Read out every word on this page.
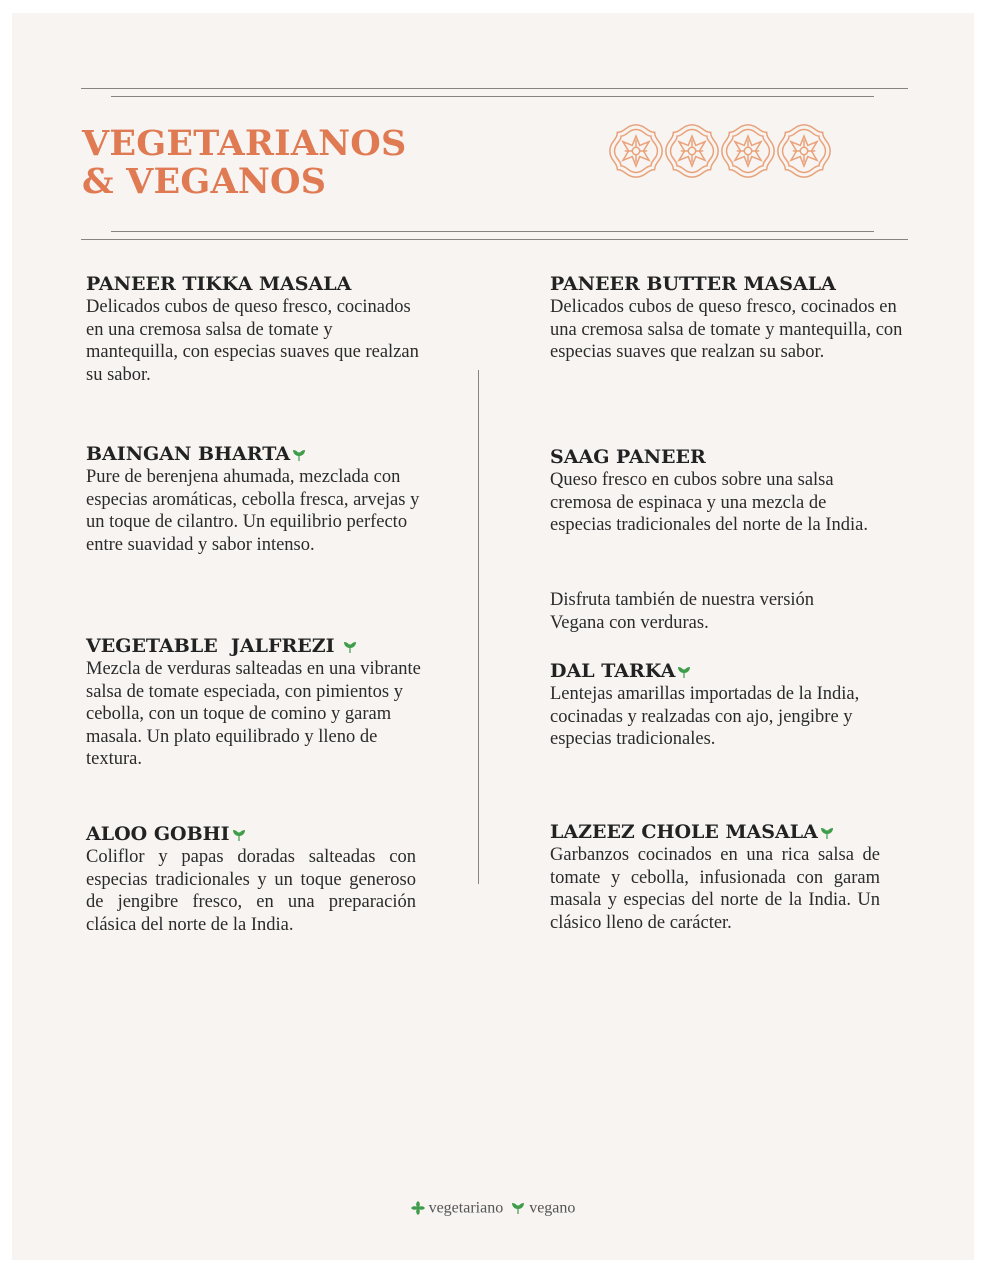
VEGETARIANOS
& VEGANOS
PANEER TIKKA MASALA
Delicados cubos de queso fresco, cocinados en una cremosa salsa de tomate y mantequilla, con especias suaves que realzan su sabor.
BAINGAN BHARTA
Pure de berenjena ahumada, mezclada con especias aromáticas, cebolla fresca, arvejas y un toque de cilantro. Un equilibrio perfecto entre suavidad y sabor intenso.
VEGETABLE  JALFREZI
Mezcla de verduras salteadas en una vibrante salsa de tomate especiada, con pimientos y cebolla, con un toque de comino y garam masala. Un plato equilibrado y lleno de textura.
ALOO GOBHI
Coliflor y papas doradas salteadas con especias tradicionales y un toque generoso de jengibre fresco, en una preparación clásica del norte de la India.
PANEER BUTTER MASALA
Delicados cubos de queso fresco, cocinados en una cremosa salsa de tomate y mantequilla, con especias suaves que realzan su sabor.
SAAG PANEER
Queso fresco en cubos sobre una salsa cremosa de espinaca y una mezcla de especias tradicionales del norte de la India.
Disfruta también de nuestra versión Vegana con verduras.
DAL TARKA
Lentejas amarillas importadas de la India, cocinadas y realzadas con ajo, jengibre y especias tradicionales.
LAZEEZ CHOLE MASALA
Garbanzos cocinados en una rica salsa de tomate y cebolla, infusionada con garam masala y especias del norte de la India. Un clásico lleno de carácter.
vegetariano vegano
